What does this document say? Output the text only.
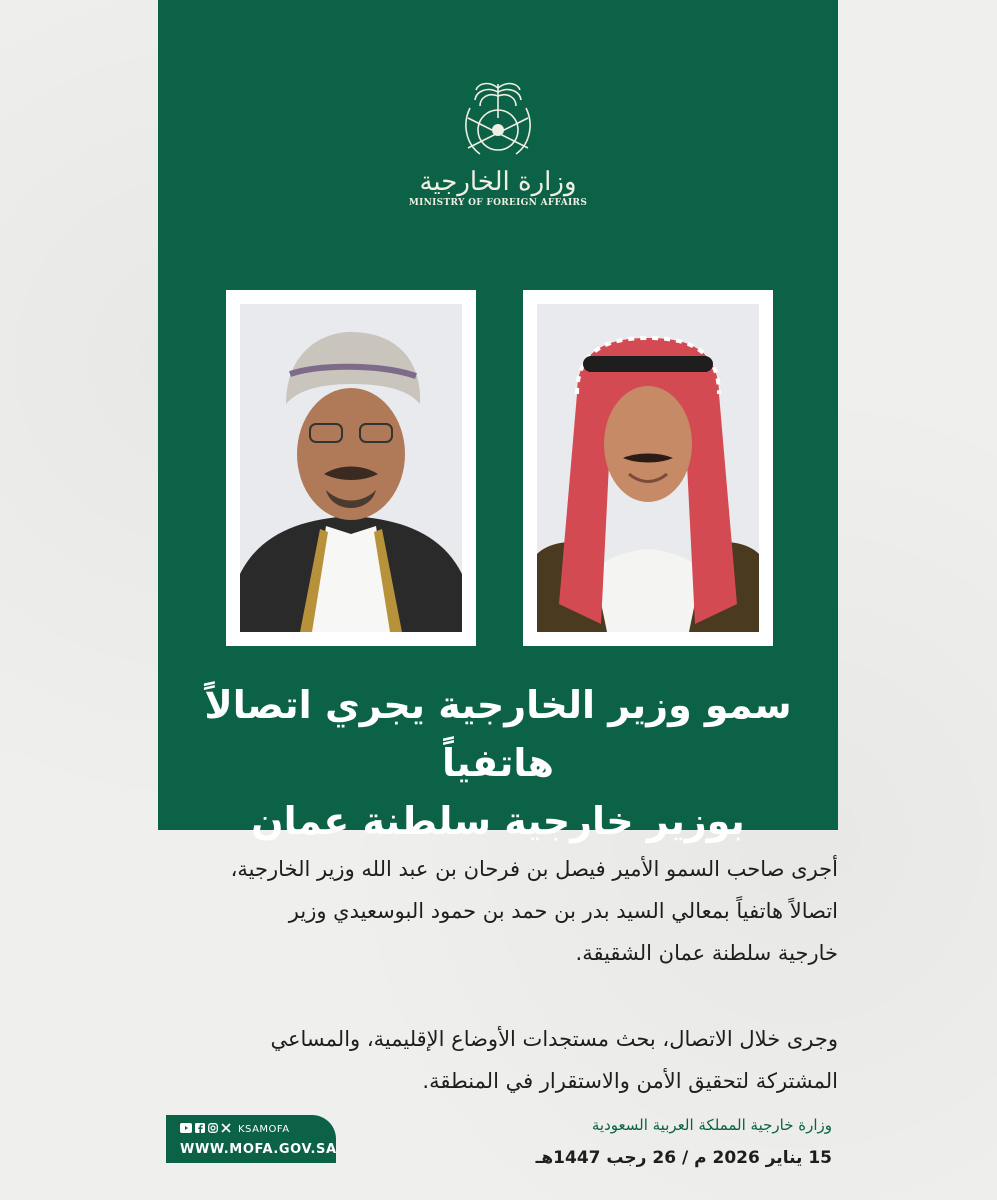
وزارة الخارجية
MINISTRY OF FOREIGN AFFAIRS
سمو وزير الخارجية يجري اتصالاً هاتفياً
بوزير خارجية سلطنة عمان
أجرى صاحب السمو الأمير فيصل بن فرحان بن عبد الله وزير الخارجية،
اتصالاً هاتفياً بمعالي السيد بدر بن حمد بن حمود البوسعيدي وزير
خارجية سلطنة عمان الشقيقة.
وجرى خلال الاتصال، بحث مستجدات الأوضاع الإقليمية، والمساعي
المشتركة لتحقيق الأمن والاستقرار في المنطقة.
KSAMOFA
WWW.MOFA.GOV.SA
وزارة خارجية المملكة العربية السعودية
15 يناير 2026 م / 26 رجب 1447هـ
